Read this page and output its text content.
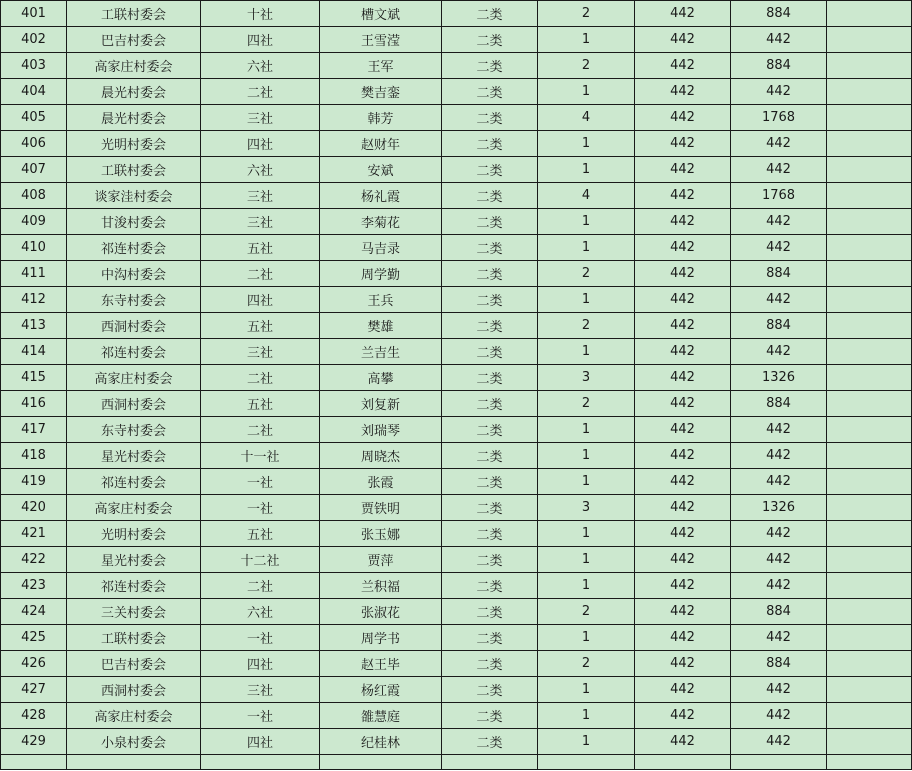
401	工联村委会	十社	槽文斌	二类	2	442	884	
402	巴吉村委会	四社	王雪滢	二类	1	442	442	
403	高家庄村委会	六社	王军	二类	2	442	884	
404	晨光村委会	二社	樊吉銮	二类	1	442	442	
405	晨光村委会	三社	韩芳	二类	4	442	1768	
406	光明村委会	四社	赵财年	二类	1	442	442	
407	工联村委会	六社	安斌	二类	1	442	442	
408	谈家洼村委会	三社	杨礼霞	二类	4	442	1768	
409	甘浚村委会	三社	李菊花	二类	1	442	442	
410	祁连村委会	五社	马吉录	二类	1	442	442	
411	中沟村委会	二社	周学勤	二类	2	442	884	
412	东寺村委会	四社	王兵	二类	1	442	442	
413	西洞村委会	五社	樊雄	二类	2	442	884	
414	祁连村委会	三社	兰吉生	二类	1	442	442	
415	高家庄村委会	二社	高攀	二类	3	442	1326	
416	西洞村委会	五社	刘复新	二类	2	442	884	
417	东寺村委会	二社	刘瑞琴	二类	1	442	442	
418	星光村委会	十一社	周晓杰	二类	1	442	442	
419	祁连村委会	一社	张霞	二类	1	442	442	
420	高家庄村委会	一社	贾铁明	二类	3	442	1326	
421	光明村委会	五社	张玉娜	二类	1	442	442	
422	星光村委会	十二社	贾萍	二类	1	442	442	
423	祁连村委会	二社	兰积福	二类	1	442	442	
424	三关村委会	六社	张淑花	二类	2	442	884	
425	工联村委会	一社	周学书	二类	1	442	442	
426	巴吉村委会	四社	赵王毕	二类	2	442	884	
427	西洞村委会	三社	杨红霞	二类	1	442	442	
428	高家庄村委会	一社	雒慧庭	二类	1	442	442	
429	小泉村委会	四社	纪桂林	二类	1	442	442	
